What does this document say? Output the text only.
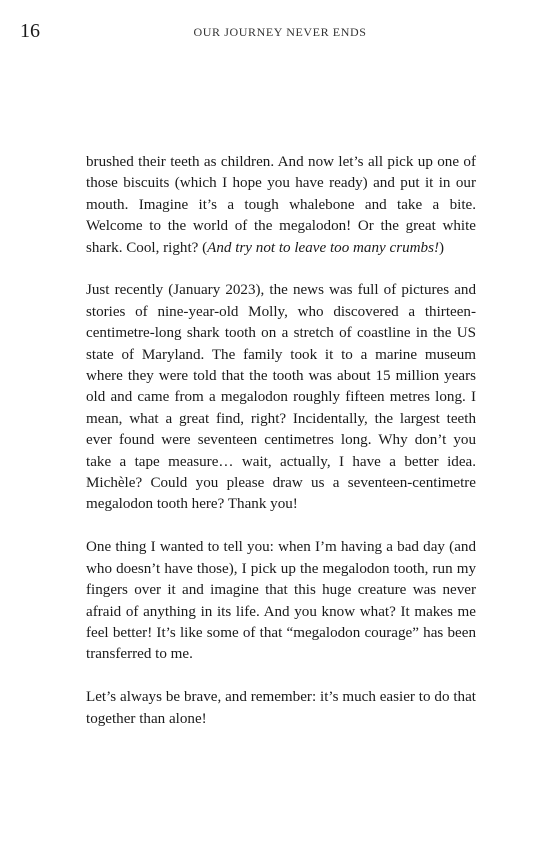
16	OUR JOURNEY NEVER ENDS

brushed their teeth as children. And now let’s all pick up one of those biscuits (which I hope you have ready) and put it in our mouth. Imagine it’s a tough whalebone and take a bite. Welcome to the world of the megalodon! Or the great white shark. Cool, right? (And try not to leave too many crumbs!)

Just recently (January 2023), the news was full of pictures and stories of nine-year-old Molly, who discovered a thirteen-centimetre-long shark tooth on a stretch of coastline in the US state of Maryland. The family took it to a marine museum where they were told that the tooth was about 15 million years old and came from a megalodon roughly fifteen metres long. I mean, what a great find, right? Incidentally, the largest teeth ever found were seventeen centimetres long. Why don’t you take a tape measure… wait, actually, I have a better idea. Michèle? Could you please draw us a seventeen-centimetre megalodon tooth here? Thank you!

One thing I wanted to tell you: when I’m having a bad day (and who doesn’t have those), I pick up the megalodon tooth, run my fingers over it and imagine that this huge creature was never afraid of anything in its life. And you know what? It makes me feel better! It’s like some of that “megalodon courage” has been transferred to me.

Let’s always be brave, and remember: it’s much easier to do that together than alone!
